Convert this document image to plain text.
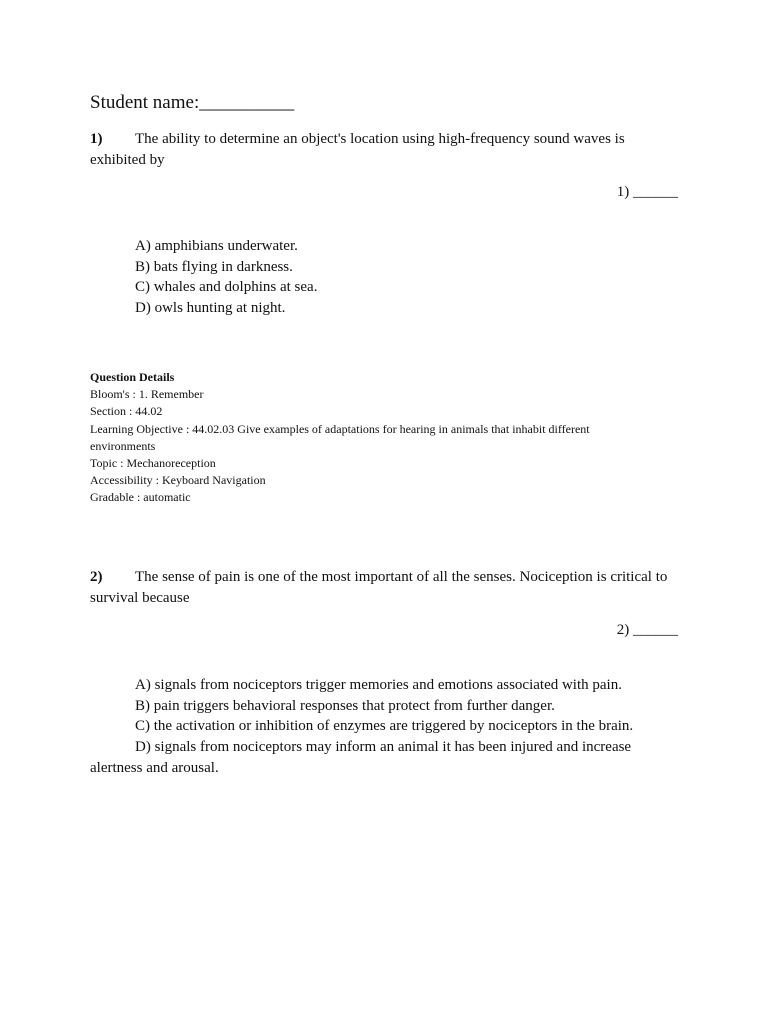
Student name:__________
1) The ability to determine an object's location using high-frequency sound waves is exhibited by
1) ______
A) amphibians underwater.
B) bats flying in darkness.
C) whales and dolphins at sea.
D) owls hunting at night.
Question Details
Bloom's : 1. Remember
Section : 44.02
Learning Objective : 44.02.03 Give examples of adaptations for hearing in animals that inhabit different environments
Topic : Mechanoreception
Accessibility : Keyboard Navigation
Gradable : automatic
2) The sense of pain is one of the most important of all the senses. Nociception is critical to survival because
2) ______
A) signals from nociceptors trigger memories and emotions associated with pain.
B) pain triggers behavioral responses that protect from further danger.
C) the activation or inhibition of enzymes are triggered by nociceptors in the brain.
D) signals from nociceptors may inform an animal it has been injured and increase alertness and arousal.
